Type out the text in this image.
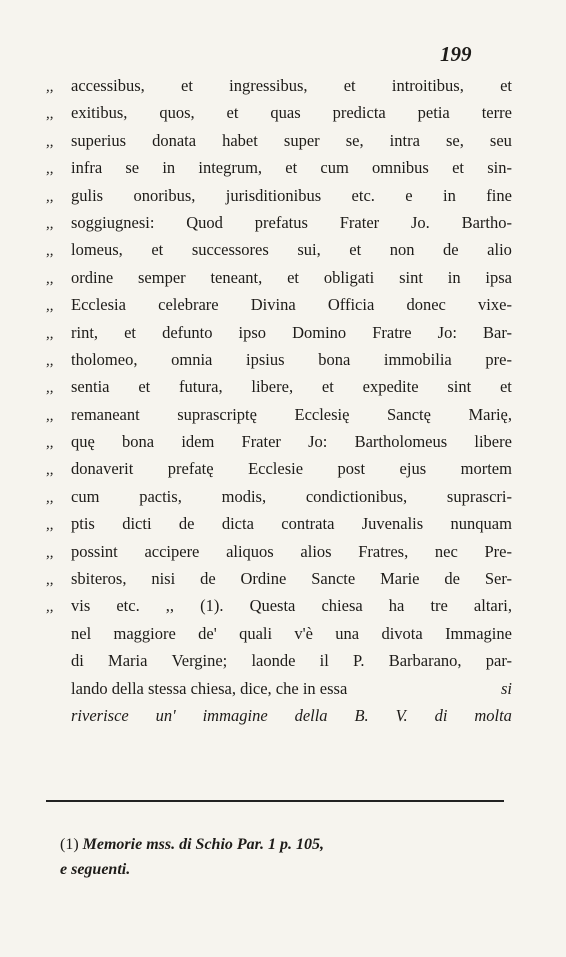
199
,,	accessibus, et ingressibus, et introitibus, et
,,	exitibus, quos, et quas predicta petia terre
,,	superius donata habet super se, intra se, seu
,,	infra se in integrum, et cum omnibus et sin-
,,	gulis onoribus, jurisditionibus etc. e in fine
,,	soggiugnesi: Quod prefatus Frater Jo. Bartho-
,,	lomeus, et successores sui, et non de alio
,,	ordine semper teneant, et obligati sint in ipsa
,,	Ecclesia celebrare Divina Officia donec vixe-
,,	rint, et defunto ipso Domino Fratre Jo: Bar-
,,	tholomeo, omnia ipsius bona immobilia pre-
,,	sentia et futura, libere, et expedite sint et
,,	remaneant suprascriptę Ecclesię Sanctę Marię,
,,	quę bona idem Frater Jo: Bartholomeus libere
,,	donaverit prefatę Ecclesie post ejus mortem
,,	cum pactis, modis, condictionibus, suprascri-
,,	ptis dicti de dicta contrata Juvenalis nunquam
,,	possint accipere aliquos alios Fratres, nec Pre-
,,	sbiteros, nisi de Ordine Sancte Marie de Ser-
,,	vis etc. ,, (1). Questa chiesa ha tre altari,
nel maggiore de' quali v'è una divota Immagine
di Maria Vergine; laonde il P. Barbarano, par-
lando della stessa chiesa, dice, che in essa	si
riverisce un' immagine della B. V. di molta
(1) Memorie mss. di Schio Par. 1 p. 105,
e seguenti.
